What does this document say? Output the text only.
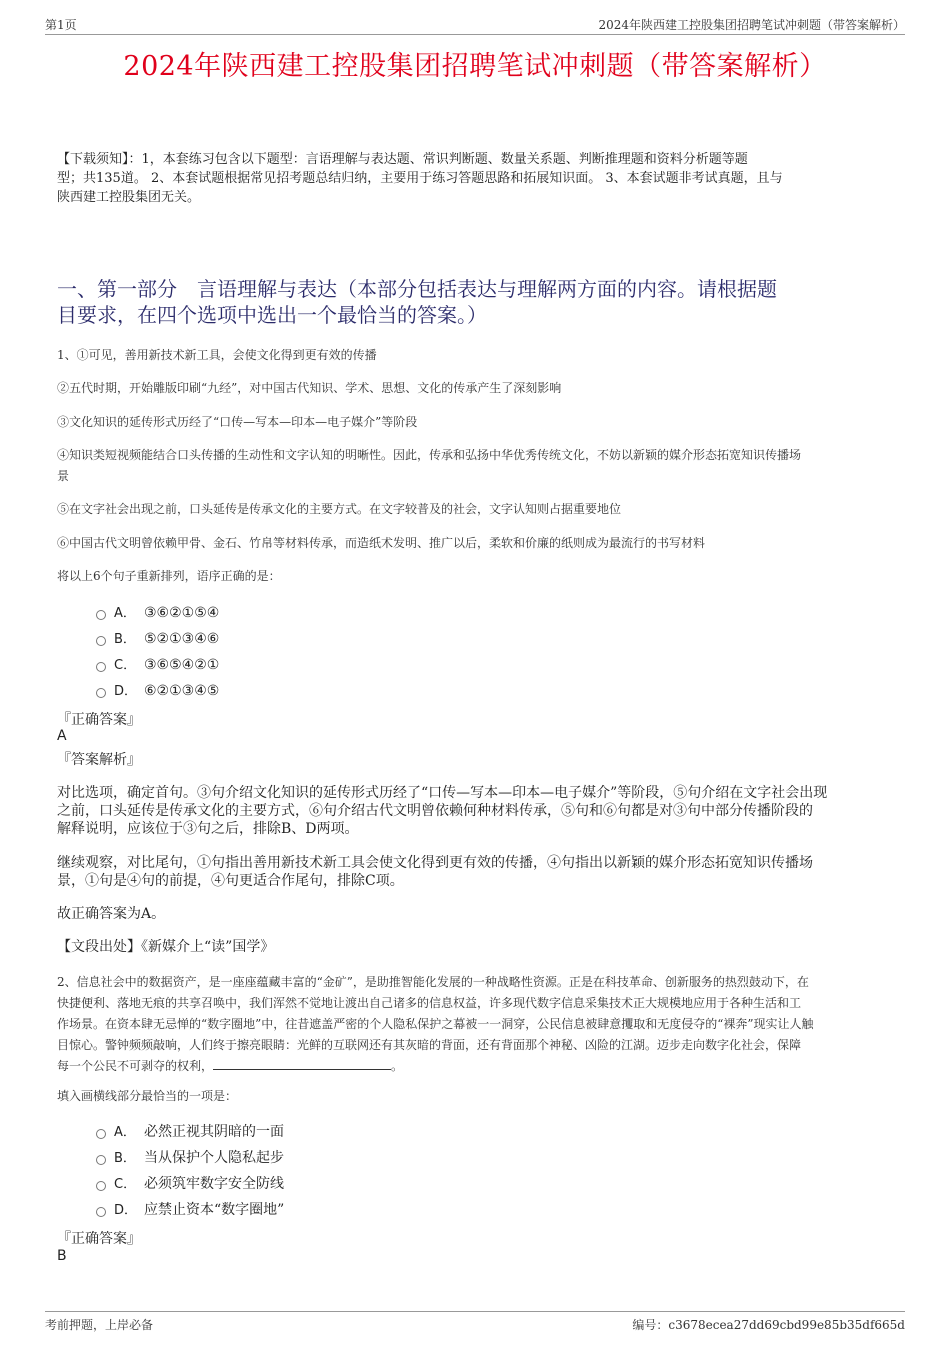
第1页	2024年陕西建工控股集团招聘笔试冲刺题（带答案解析）
2024年陕西建工控股集团招聘笔试冲刺题（带答案解析）
【下载须知】：1，本套练习包含以下题型：言语理解与表达题、常识判断题、数量关系题、判断推理题和资料分析题等题
型；共135道。 2、本套试题根据常见招考题总结归纳，主要用于练习答题思路和拓展知识面。 3、本套试题非考试真题，且与
陕西建工控股集团无关。
一、第一部分　言语理解与表达（本部分包括表达与理解两方面的内容。请根据题
目要求，在四个选项中选出一个最恰当的答案。）
1、①可见，善用新技术新工具，会使文化得到更有效的传播
②五代时期，开始雕版印刷“九经”，对中国古代知识、学术、思想、文化的传承产生了深刻影响
③文化知识的延传形式历经了“口传—写本—印本—电子媒介”等阶段
④知识类短视频能结合口头传播的生动性和文字认知的明晰性。因此，传承和弘扬中华优秀传统文化，不妨以新颖的媒介形态拓宽知识传播场
景
⑤在文字社会出现之前，口头延传是传承文化的主要方式。在文字较普及的社会，文字认知则占据重要地位
⑥中国古代文明曾依赖甲骨、金石、竹帛等材料传承，而造纸术发明、推广以后，柔软和价廉的纸则成为最流行的书写材料
将以上6个句子重新排列，语序正确的是：
A． ③⑥②①⑤④
B． ⑤②①③④⑥
C． ③⑥⑤④②①
D． ⑥②①③④⑤
『正确答案』
A
『答案解析』
对比选项，确定首句。③句介绍文化知识的延传形式历经了“口传—写本—印本—电子媒介”等阶段，⑤句介绍在文字社会出现
之前，口头延传是传承文化的主要方式，⑥句介绍古代文明曾依赖何种材料传承，⑤句和⑥句都是对③句中部分传播阶段的
解释说明，应该位于③句之后，排除B、D两项。
继续观察，对比尾句，①句指出善用新技术新工具会使文化得到更有效的传播，④句指出以新颖的媒介形态拓宽知识传播场
景，①句是④句的前提，④句更适合作尾句，排除C项。
故正确答案为A。
【文段出处】《新媒介上“读”国学》
2、信息社会中的数据资产，是一座座蕴藏丰富的“金矿”，是助推智能化发展的一种战略性资源。正是在科技革命、创新服务的热烈鼓动下，在
快捷便利、落地无痕的共享召唤中，我们浑然不觉地让渡出自己诸多的信息权益，许多现代数字信息采集技术正大规模地应用于各种生活和工
作场景。在资本肆无忌惮的“数字圈地”中，往昔遮盖严密的个人隐私保护之幕被一一洞穿，公民信息被肆意攫取和无度侵夺的“裸奔”现实让人触
目惊心。警钟频频敲响，人们终于擦亮眼睛：光鲜的互联网还有其灰暗的背面，还有背面那个神秘、凶险的江湖。迈步走向数字化社会，保障
每一个公民不可剥夺的权利，	。
填入画横线部分最恰当的一项是：
A． 必然正视其阴暗的一面
B． 当从保护个人隐私起步
C． 必须筑牢数字安全防线
D． 应禁止资本“数字圈地”
『正确答案』
B
考前押题，上岸必备	编号：c3678ecea27dd69cbd99e85b35df665d
